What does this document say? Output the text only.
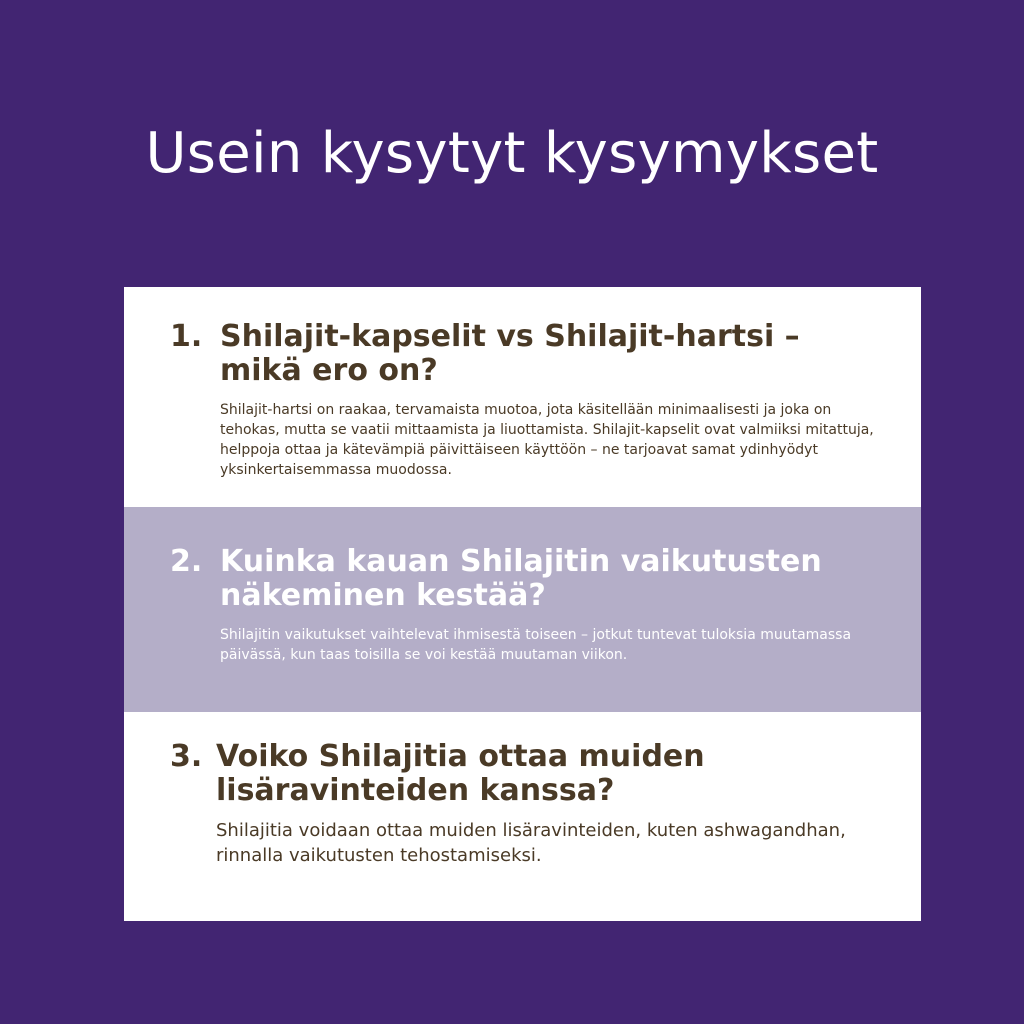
Usein kysytyt kysymykset
1. Shilajit-kapselit vs Shilajit-hartsi – mikä ero on?

Shilajit-hartsi on raakaa, tervamaista muotoa, jota käsitellään minimaalisesti ja joka on tehokas, mutta se vaatii mittaamista ja liuottamista. Shilajit-kapselit ovat valmiiksi mitattuja, helppoja ottaa ja kätevämpiä päivittäiseen käyttöön – ne tarjoavat samat ydinhyödyt yksinkertaisemmassa muodossa.

2. Kuinka kauan Shilajitin vaikutusten näkeminen kestää?

Shilajitin vaikutukset vaihtelevat ihmisestä toiseen – jotkut tuntevat tuloksia muutamassa päivässä, kun taas toisilla se voi kestää muutaman viikon.

3. Voiko Shilajitia ottaa muiden lisäravinteiden kanssa?

Shilajitia voidaan ottaa muiden lisäravinteiden, kuten ashwagandhan, rinnalla vaikutusten tehostamiseksi.
